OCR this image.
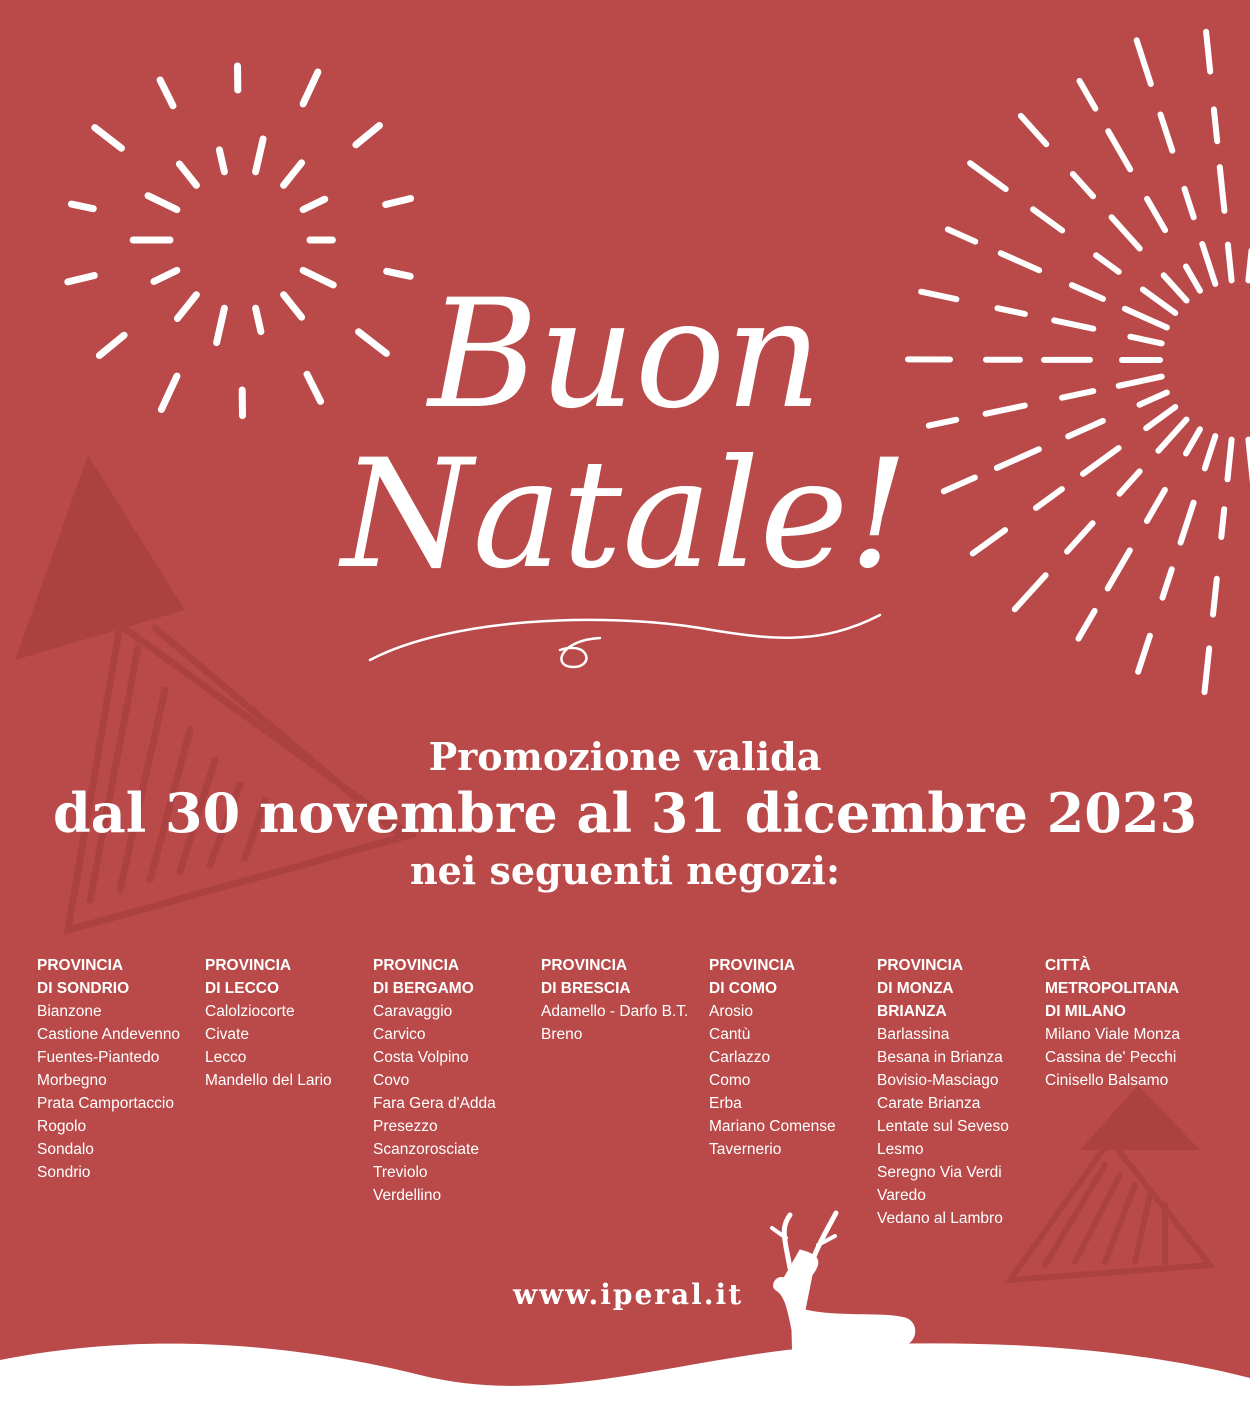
Buon
Natale!
Promozione valida
dal 30 novembre al 31 dicembre 2023
nei seguenti negozi:
PROVINCIA
DI SONDRIO
Bianzone
Castione Andevenno
Fuentes-Piantedo
Morbegno
Prata Camportaccio
Rogolo
Sondalo
Sondrio
PROVINCIA
DI LECCO
Calolziocorte
Civate
Lecco
Mandello del Lario
PROVINCIA
DI BERGAMO
Caravaggio
Carvico
Costa Volpino
Covo
Fara Gera d'Adda
Presezzo
Scanzorosciate
Treviolo
Verdellino
PROVINCIA
DI BRESCIA
Adamello - Darfo B.T.
Breno
PROVINCIA
DI COMO
Arosio
Cantù
Carlazzo
Como
Erba
Mariano Comense
Tavernerio
PROVINCIA
DI MONZA
BRIANZA
Barlassina
Besana in Brianza
Bovisio-Masciago
Carate Brianza
Lentate sul Seveso
Lesmo
Seregno Via Verdi
Varedo
Vedano al Lambro
CITTÀ
METROPOLITANA
DI MILANO
Milano Viale Monza
Cassina de' Pecchi
Cinisello Balsamo
www.iperal.it
